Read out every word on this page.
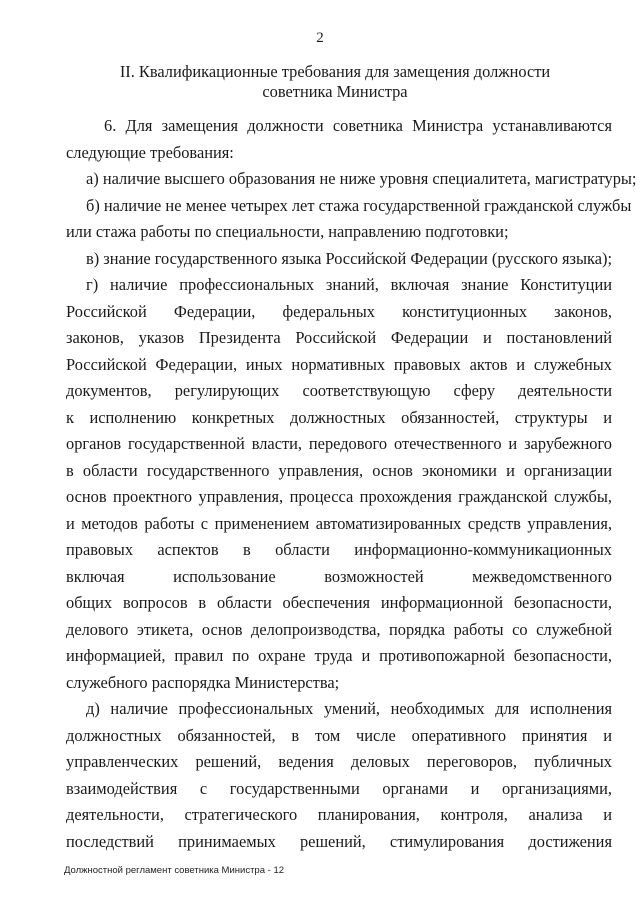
2
II. Квалификационные требования для замещения должности
советника Министра
6. Для замещения должности советника Министра устанавливаются
следующие требования:
а) наличие высшего образования не ниже уровня специалитета, магистратуры;
б) наличие не менее четырех лет стажа государственной гражданской службы
или стажа работы по специальности, направлению подготовки;
в) знание государственного языка Российской Федерации (русского языка);
г) наличие профессиональных знаний, включая знание Конституции
Российской Федерации, федеральных конституционных законов,
законов, указов Президента Российской Федерации и постановлений
Российской Федерации, иных нормативных правовых актов и служебных
документов, регулирующих соответствующую сферу деятельности
к исполнению конкретных должностных обязанностей, структуры и
органов государственной власти, передового отечественного и зарубежного
в области государственного управления, основ экономики и организации
основ проектного управления, процесса прохождения гражданской службы,
и методов работы с применением автоматизированных средств управления,
правовых аспектов в области информационно-коммуникационных
включая использование возможностей межведомственного
общих вопросов в области обеспечения информационной безопасности,
делового этикета, основ делопроизводства, порядка работы со служебной
информацией, правил по охране труда и противопожарной безопасности,
служебного распорядка Министерства;
д) наличие профессиональных умений, необходимых для исполнения
должностных обязанностей, в том числе оперативного принятия и
управленческих решений, ведения деловых переговоров, публичных
взаимодействия с государственными органами и организациями,
деятельности, стратегического планирования, контроля, анализа и
последствий принимаемых решений, стимулирования достижения
Должностной регламент советника Министра - 12
